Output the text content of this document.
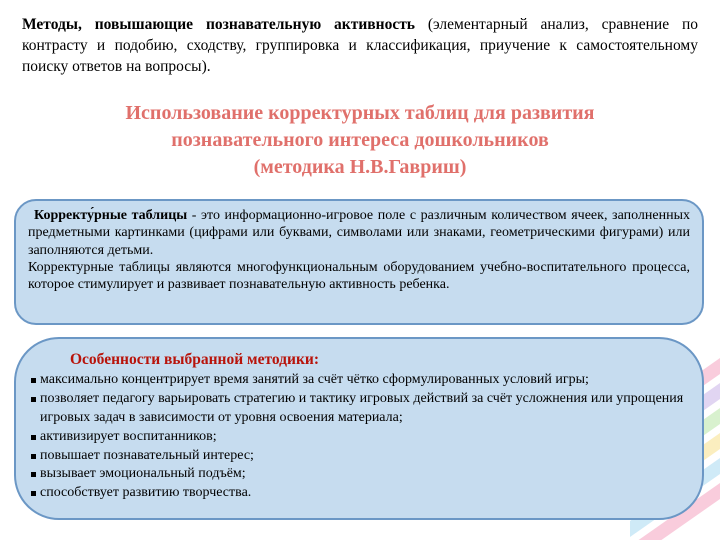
Методы, повышающие познавательную активность (элементарный анализ, сравнение по контрасту и подобию, сходству, группировка и классификация, приучение к самостоятельному поиску ответов на вопросы).
Использование корректурных таблиц для развития
познавательного интереса дошкольников
(методика Н.В.Гавриш)

Корректу́рные таблицы - это информационно-игровое поле с различным количеством ячеек, заполненных предметными картинками (цифрами или буквами, символами или знаками, геометрическими фигурами) или заполняются детьми.

Корректурные таблицы являются многофункциональным оборудованием учебно-воспитательного процесса, которое стимулирует и развивает познавательную активность ребенка.

Особенности выбранной методики:
максимально концентрирует время занятий за счёт чётко сформулированных условий игры;
позволяет педагогу варьировать стратегию и тактику игровых действий за счёт усложнения или упрощения игровых задач в зависимости от уровня освоения материала;
активизирует воспитанников;
повышает познавательный интерес;
вызывает эмоциональный подъём;
способствует развитию творчества.
